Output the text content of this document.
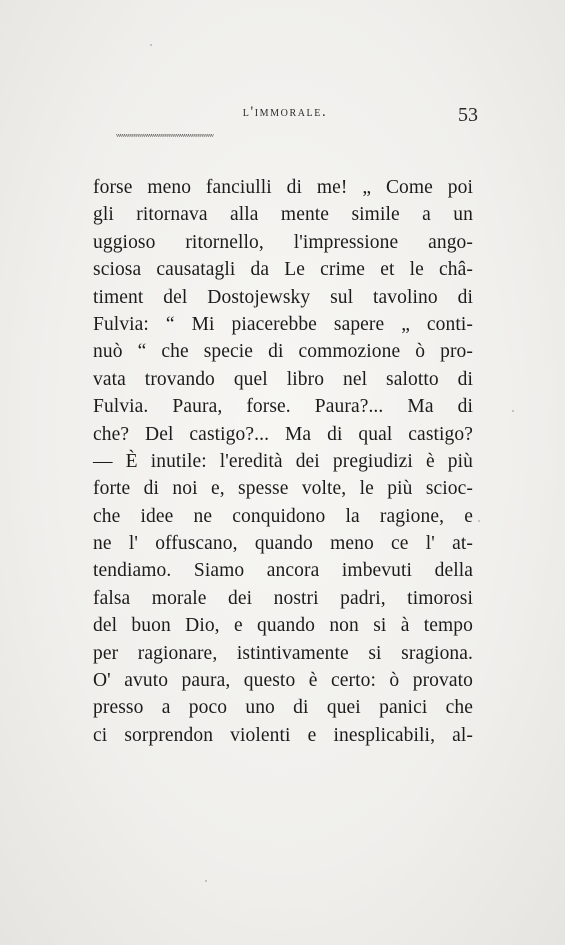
l'immorale.	53
ᵥᵥᵥᵥᵥᵥᵥᵥᵥᵥᵥᵥᵥᵥᵥᵥᵥᵥᵥᵥᵥᵥᵥᵥᵥᵥᵥᵥᵥᵥᵥᵥᵥᵥᵥᵥᵥᵥᵥᵥᵥᵥᵥᵥᵥᵥᵥᵥᵥᵥ
forse meno fanciulli di me! „ Come poi
gli ritornava alla mente simile a un
uggioso ritornello, l'impressione ango-
sciosa causatagli da Le crime et le châ-
timent del Dostojewsky sul tavolino di
Fulvia: “ Mi piacerebbe sapere „ conti-
nuò “ che specie di commozione ò pro-
vata trovando quel libro nel salotto di
Fulvia. Paura, forse. Paura?... Ma di
che? Del castigo?... Ma di qual castigo?
— È inutile: l'eredità dei pregiudizi è più
forte di noi e, spesse volte, le più scioc-
che idee ne conquidono la ragione, e
ne l' offuscano, quando meno ce l' at-
tendiamo. Siamo ancora imbevuti della
falsa morale dei nostri padri, timorosi
del buon Dio, e quando non si à tempo
per ragionare, istintivamente si sragiona.
O' avuto paura, questo è certo: ò provato
presso a poco uno di quei panici che
ci sorprendon violenti e inesplicabili, al-
